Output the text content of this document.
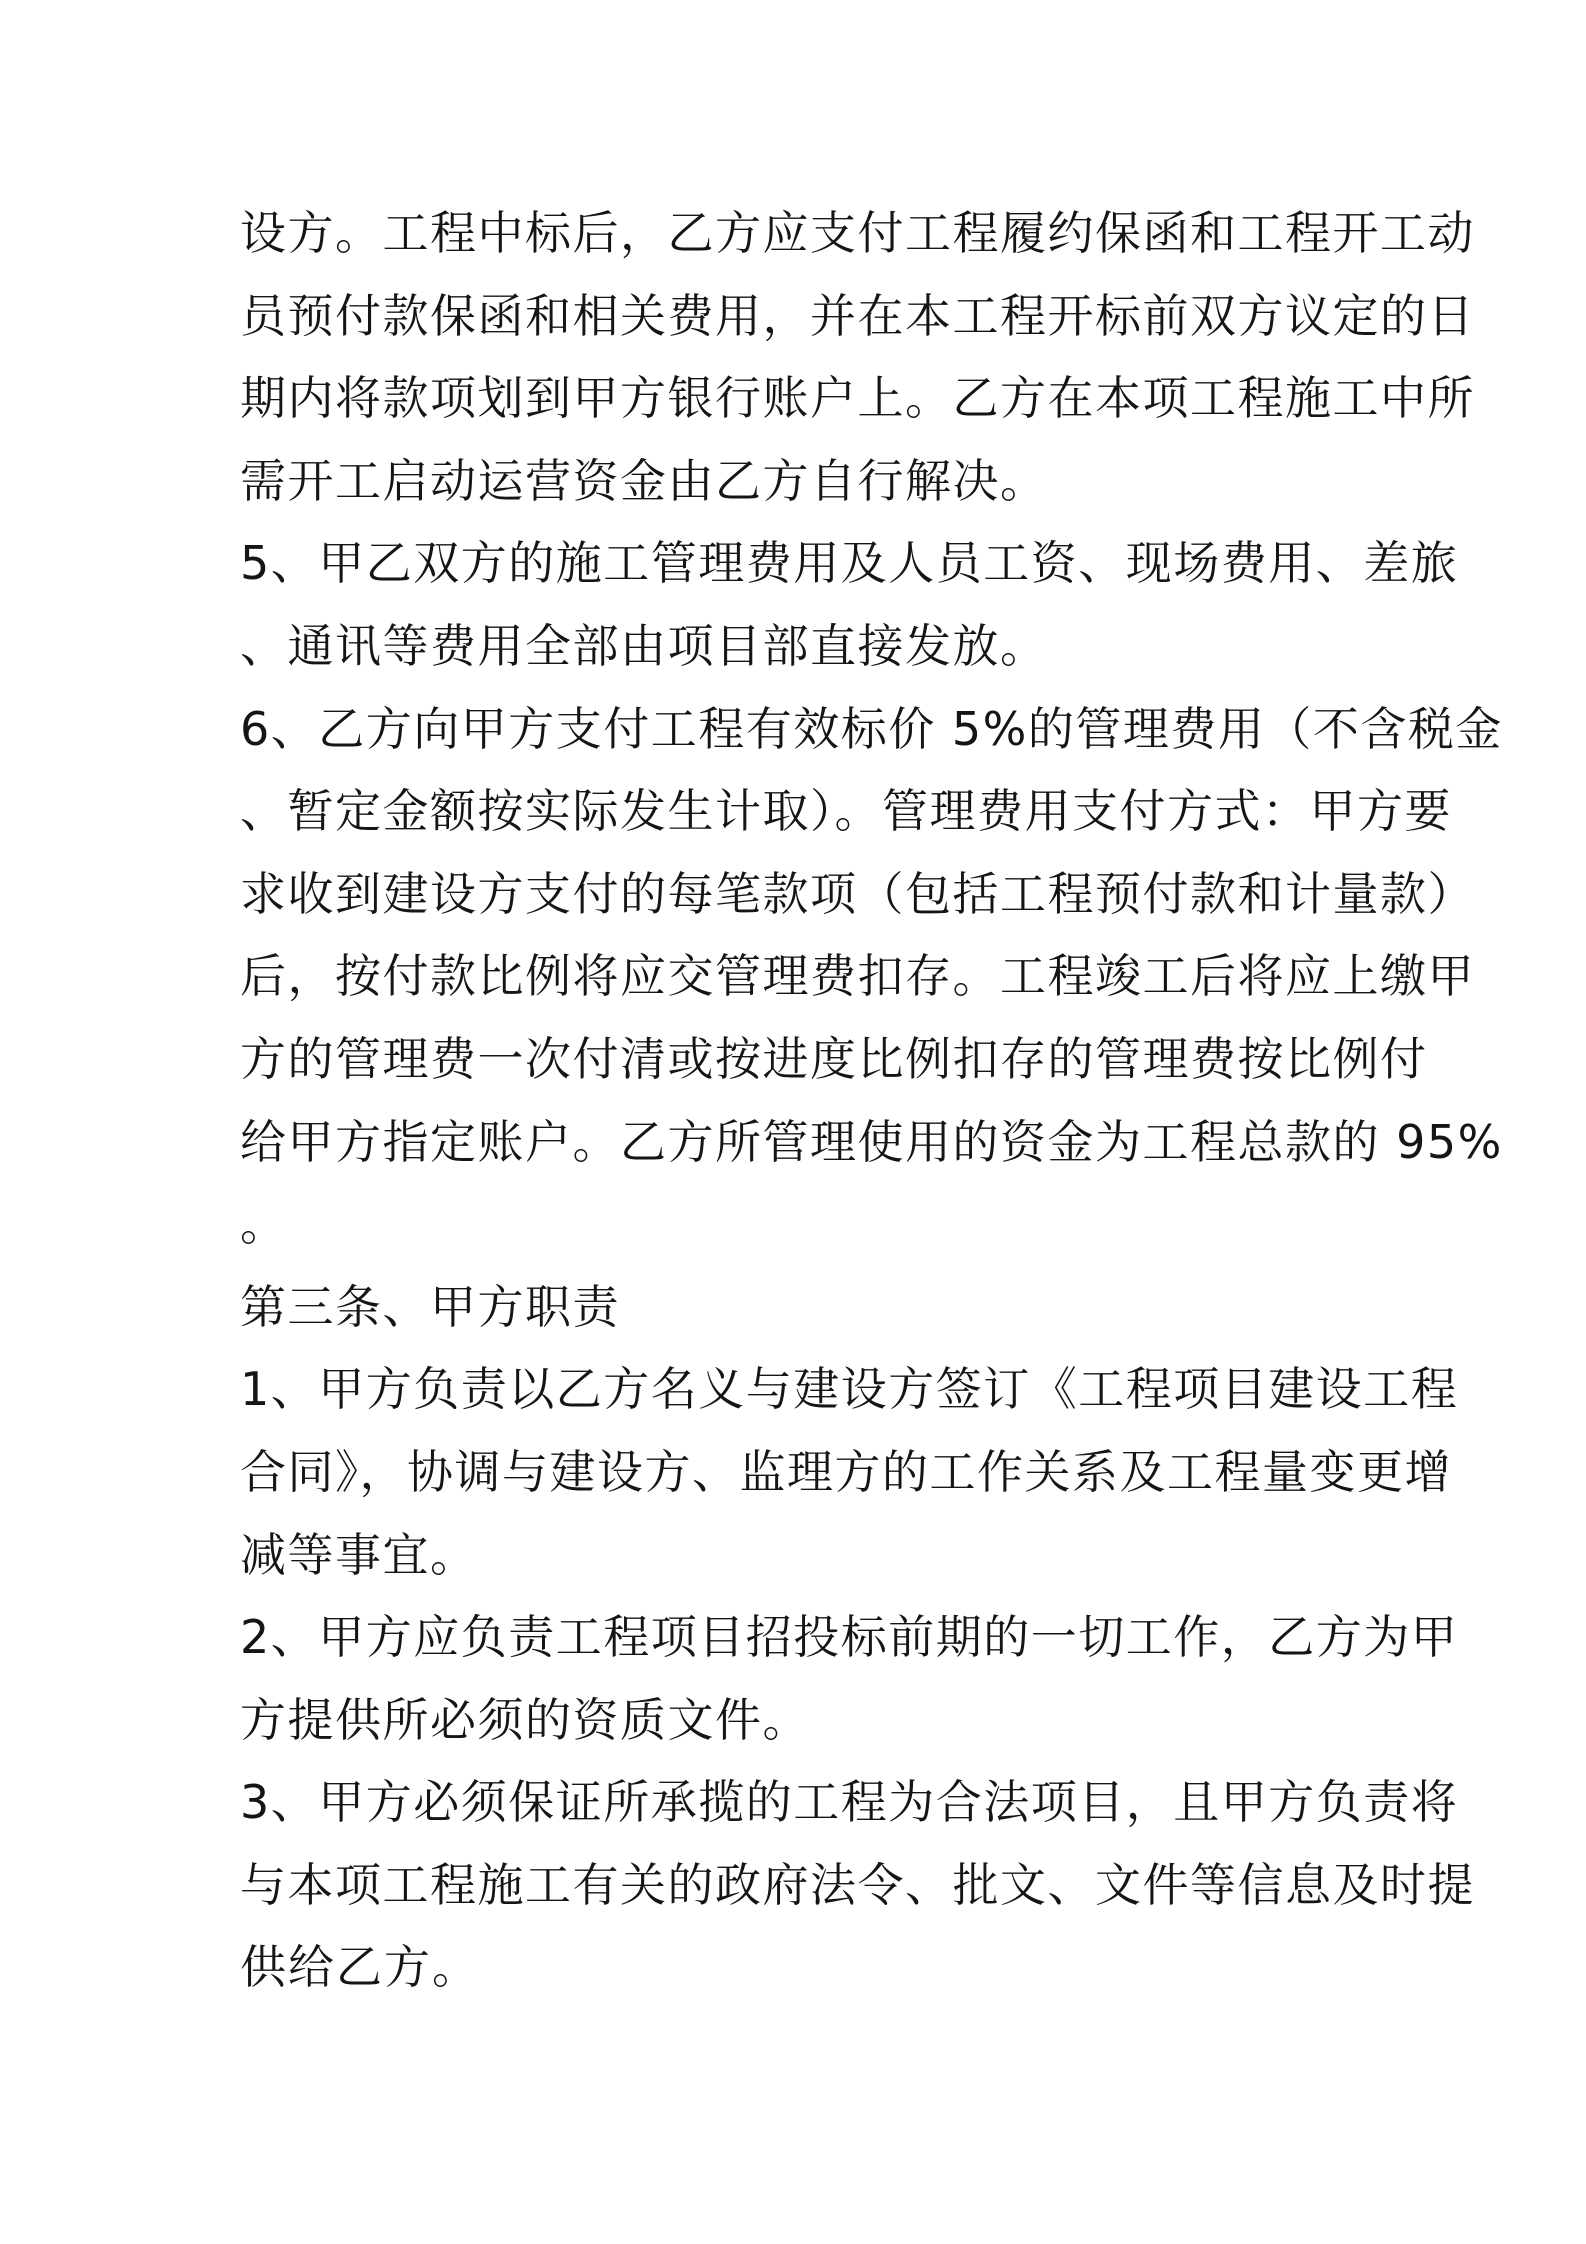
设方。工程中标后，乙方应支付工程履约保函和工程开工动
员预付款保函和相关费用，并在本工程开标前双方议定的日
期内将款项划到甲方银行账户上。乙方在本项工程施工中所
需开工启动运营资金由乙方自行解决。
5、甲乙双方的施工管理费用及人员工资、现场费用、差旅
、通讯等费用全部由项目部直接发放。
6、乙方向甲方支付工程有效标价 5%的管理费用（不含税金
、暂定金额按实际发生计取）。管理费用支付方式：甲方要
求收到建设方支付的每笔款项（包括工程预付款和计量款）
后，按付款比例将应交管理费扣存。工程竣工后将应上缴甲
方的管理费一次付清或按进度比例扣存的管理费按比例付
给甲方指定账户。乙方所管理使用的资金为工程总款的 95%
。
第三条、甲方职责
1、甲方负责以乙方名义与建设方签订《工程项目建设工程
合同》，协调与建设方、监理方的工作关系及工程量变更增
减等事宜。
2、甲方应负责工程项目招投标前期的一切工作，乙方为甲
方提供所必须的资质文件。
3、甲方必须保证所承揽的工程为合法项目，且甲方负责将
与本项工程施工有关的政府法令、批文、文件等信息及时提
供给乙方。
